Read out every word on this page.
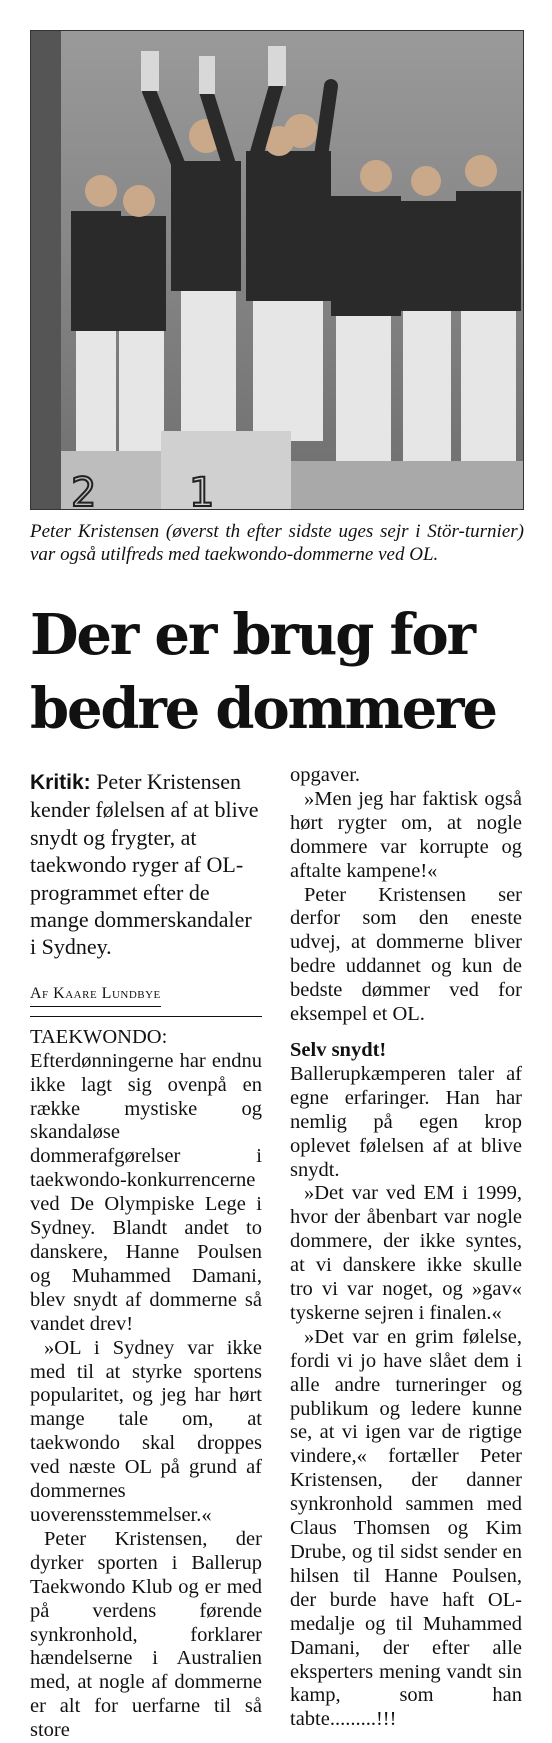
2 1
Peter Kristensen (øverst th efter sidste uges sejr i Stör-turnier) var også utilfreds med taekwondo-dommerne ved OL.
Der er brug for
bedre dommere

Kritik: Peter Kristensen kender følelsen af at blive snydt og frygter, at taekwondo ryger af OL-programmet efter de mange dommerskandaler i Sydney.

Af Kaare Lundbye

TAEKWONDO: Efterdønningerne har endnu ikke lagt sig ovenpå en række mystiske og skandaløse dommerafgørelser i taekwondo-konkurrencerne ved De Olympiske Lege i Sydney. Blandt andet to danskere, Hanne Poulsen og Muhammed Damani, blev snydt af dommerne så vandet drev!

»OL i Sydney var ikke med til at styrke sportens popularitet, og jeg har hørt mange tale om, at taekwondo skal droppes ved næste OL på grund af dommernes uoverensstemmelser.«

Peter Kristensen, der dyrker sporten i Ballerup Taekwondo Klub og er med på verdens førende synkronhold, forklarer hændelserne i Australien med, at nogle af dommerne er alt for uerfarne til så store

opgaver.

»Men jeg har faktisk også hørt rygter om, at nogle dommere var korrupte og aftalte kampene!«

Peter Kristensen ser derfor som den eneste udvej, at dommerne bliver bedre uddannet og kun de bedste dømmer ved for eksempel et OL.

Selv snydt!

Ballerupkæmperen taler af egne erfaringer. Han har nemlig på egen krop oplevet følelsen af at blive snydt.

»Det var ved EM i 1999, hvor der åbenbart var nogle dommere, der ikke syntes, at vi danskere ikke skulle tro vi var noget, og »gav« tyskerne sejren i finalen.«

»Det var en grim følelse, fordi vi jo have slået dem i alle andre turneringer og publikum og ledere kunne se, at vi igen var de rigtige vindere,« fortæller Peter Kristensen, der danner synkronhold sammen med Claus Thomsen og Kim Drube, og til sidst sender en hilsen til Hanne Poulsen, der burde have haft OL-medalje og til Muhammed Damani, der efter alle eksperters mening vandt sin kamp, som han tabte.........!!!
